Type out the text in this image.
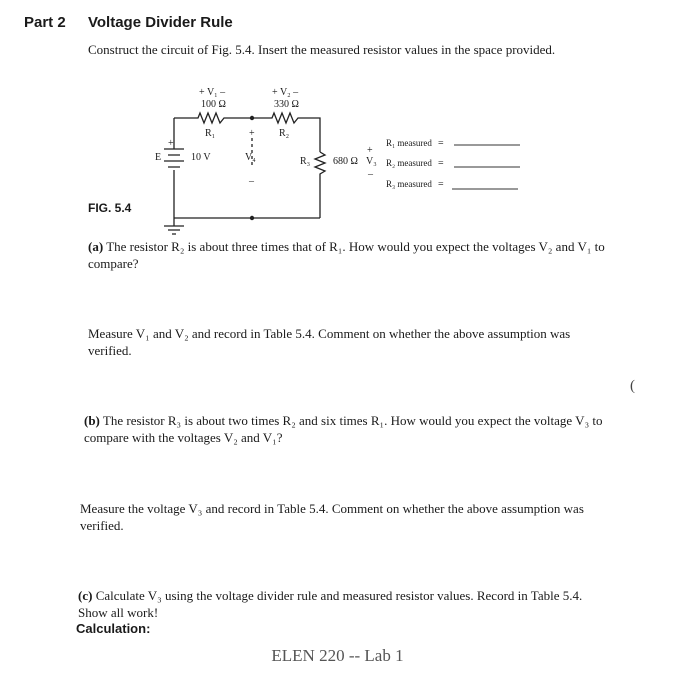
Part 2 Voltage Divider Rule
Construct the circuit of Fig. 5.4. Insert the measured resistor values in the space provided.
+ V₁ –
100 Ω
R₁
+ V₂ –
330 Ω
R₂
+
V₄
–
+
E	10 V	R₃ 680 Ω
+
V₃
–
R₁ measured =
R₂ measured =
R₃ measured =
FIG. 5.4
(a) The resistor R₂ is about three times that of R₁. How would you expect the voltages V₂ and V₁ to compare?
Measure V₁ and V₂ and record in Table 5.4. Comment on whether the above assumption was verified.
(b) The resistor R₃ is about two times R₂ and six times R₁. How would you expect the voltage V₃ to compare with the voltages V₂ and V₁?
Measure the voltage V₃ and record in Table 5.4. Comment on whether the above assumption was verified.
(c) Calculate V₃ using the voltage divider rule and measured resistor values. Record in Table 5.4. Show all work!
Calculation:
ELEN 220 -- Lab 1
(
